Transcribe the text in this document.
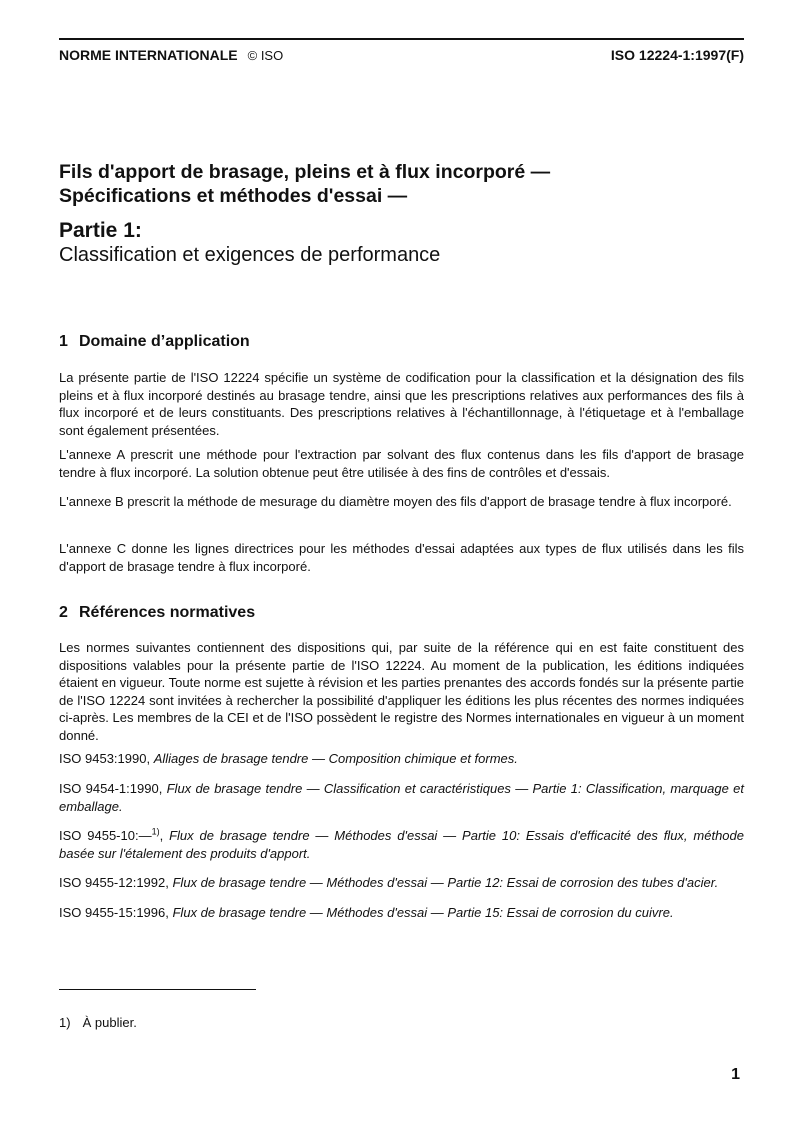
NORME INTERNATIONALE © ISO	ISO 12224-1:1997(F)
Fils d'apport de brasage, pleins et à flux incorporé —
Spécifications et méthodes d'essai —
Partie 1:
Classification et exigences de performance
1 Domaine d’application

La présente partie de l'ISO 12224 spécifie un système de codification pour la classification et la désignation des fils pleins et à flux incorporé destinés au brasage tendre, ainsi que les prescriptions relatives aux performances des fils à flux incorporé et de leurs constituants. Des prescriptions relatives à l'échantillonnage, à l'étiquetage et à l'emballage sont également présentées.

L'annexe A prescrit une méthode pour l'extraction par solvant des flux contenus dans les fils d'apport de brasage tendre à flux incorporé. La solution obtenue peut être utilisée à des fins de contrôles et d'essais.

L'annexe B prescrit la méthode de mesurage du diamètre moyen des fils d'apport de brasage tendre à flux incorporé.

L'annexe C donne les lignes directrices pour les méthodes d'essai adaptées aux types de flux utilisés dans les fils d'apport de brasage tendre à flux incorporé.

2 Références normatives

Les normes suivantes contiennent des dispositions qui, par suite de la référence qui en est faite constituent des dispositions valables pour la présente partie de l'ISO 12224. Au moment de la publication, les éditions indiquées étaient en vigueur. Toute norme est sujette à révision et les parties prenantes des accords fondés sur la présente partie de l'ISO 12224 sont invitées à rechercher la possibilité d'appliquer les éditions les plus récentes des normes indiquées ci-après. Les membres de la CEI et de l'ISO possèdent le registre des Normes internationales en vigueur à un moment donné.

ISO 9453:1990, Alliages de brasage tendre — Composition chimique et formes.

ISO 9454-1:1990, Flux de brasage tendre — Classification et caractéristiques — Partie 1: Classification, marquage et emballage.

ISO 9455-10:—$^{1)}$, Flux de brasage tendre — Méthodes d'essai — Partie 10: Essais d'efficacité des flux, méthode basée sur l'étalement des produits d'apport.

ISO 9455-12:1992, Flux de brasage tendre — Méthodes d'essai — Partie 12: Essai de corrosion des tubes d'acier.

ISO 9455-15:1996, Flux de brasage tendre — Méthodes d'essai — Partie 15: Essai de corrosion du cuivre.

1) À publier.

1
